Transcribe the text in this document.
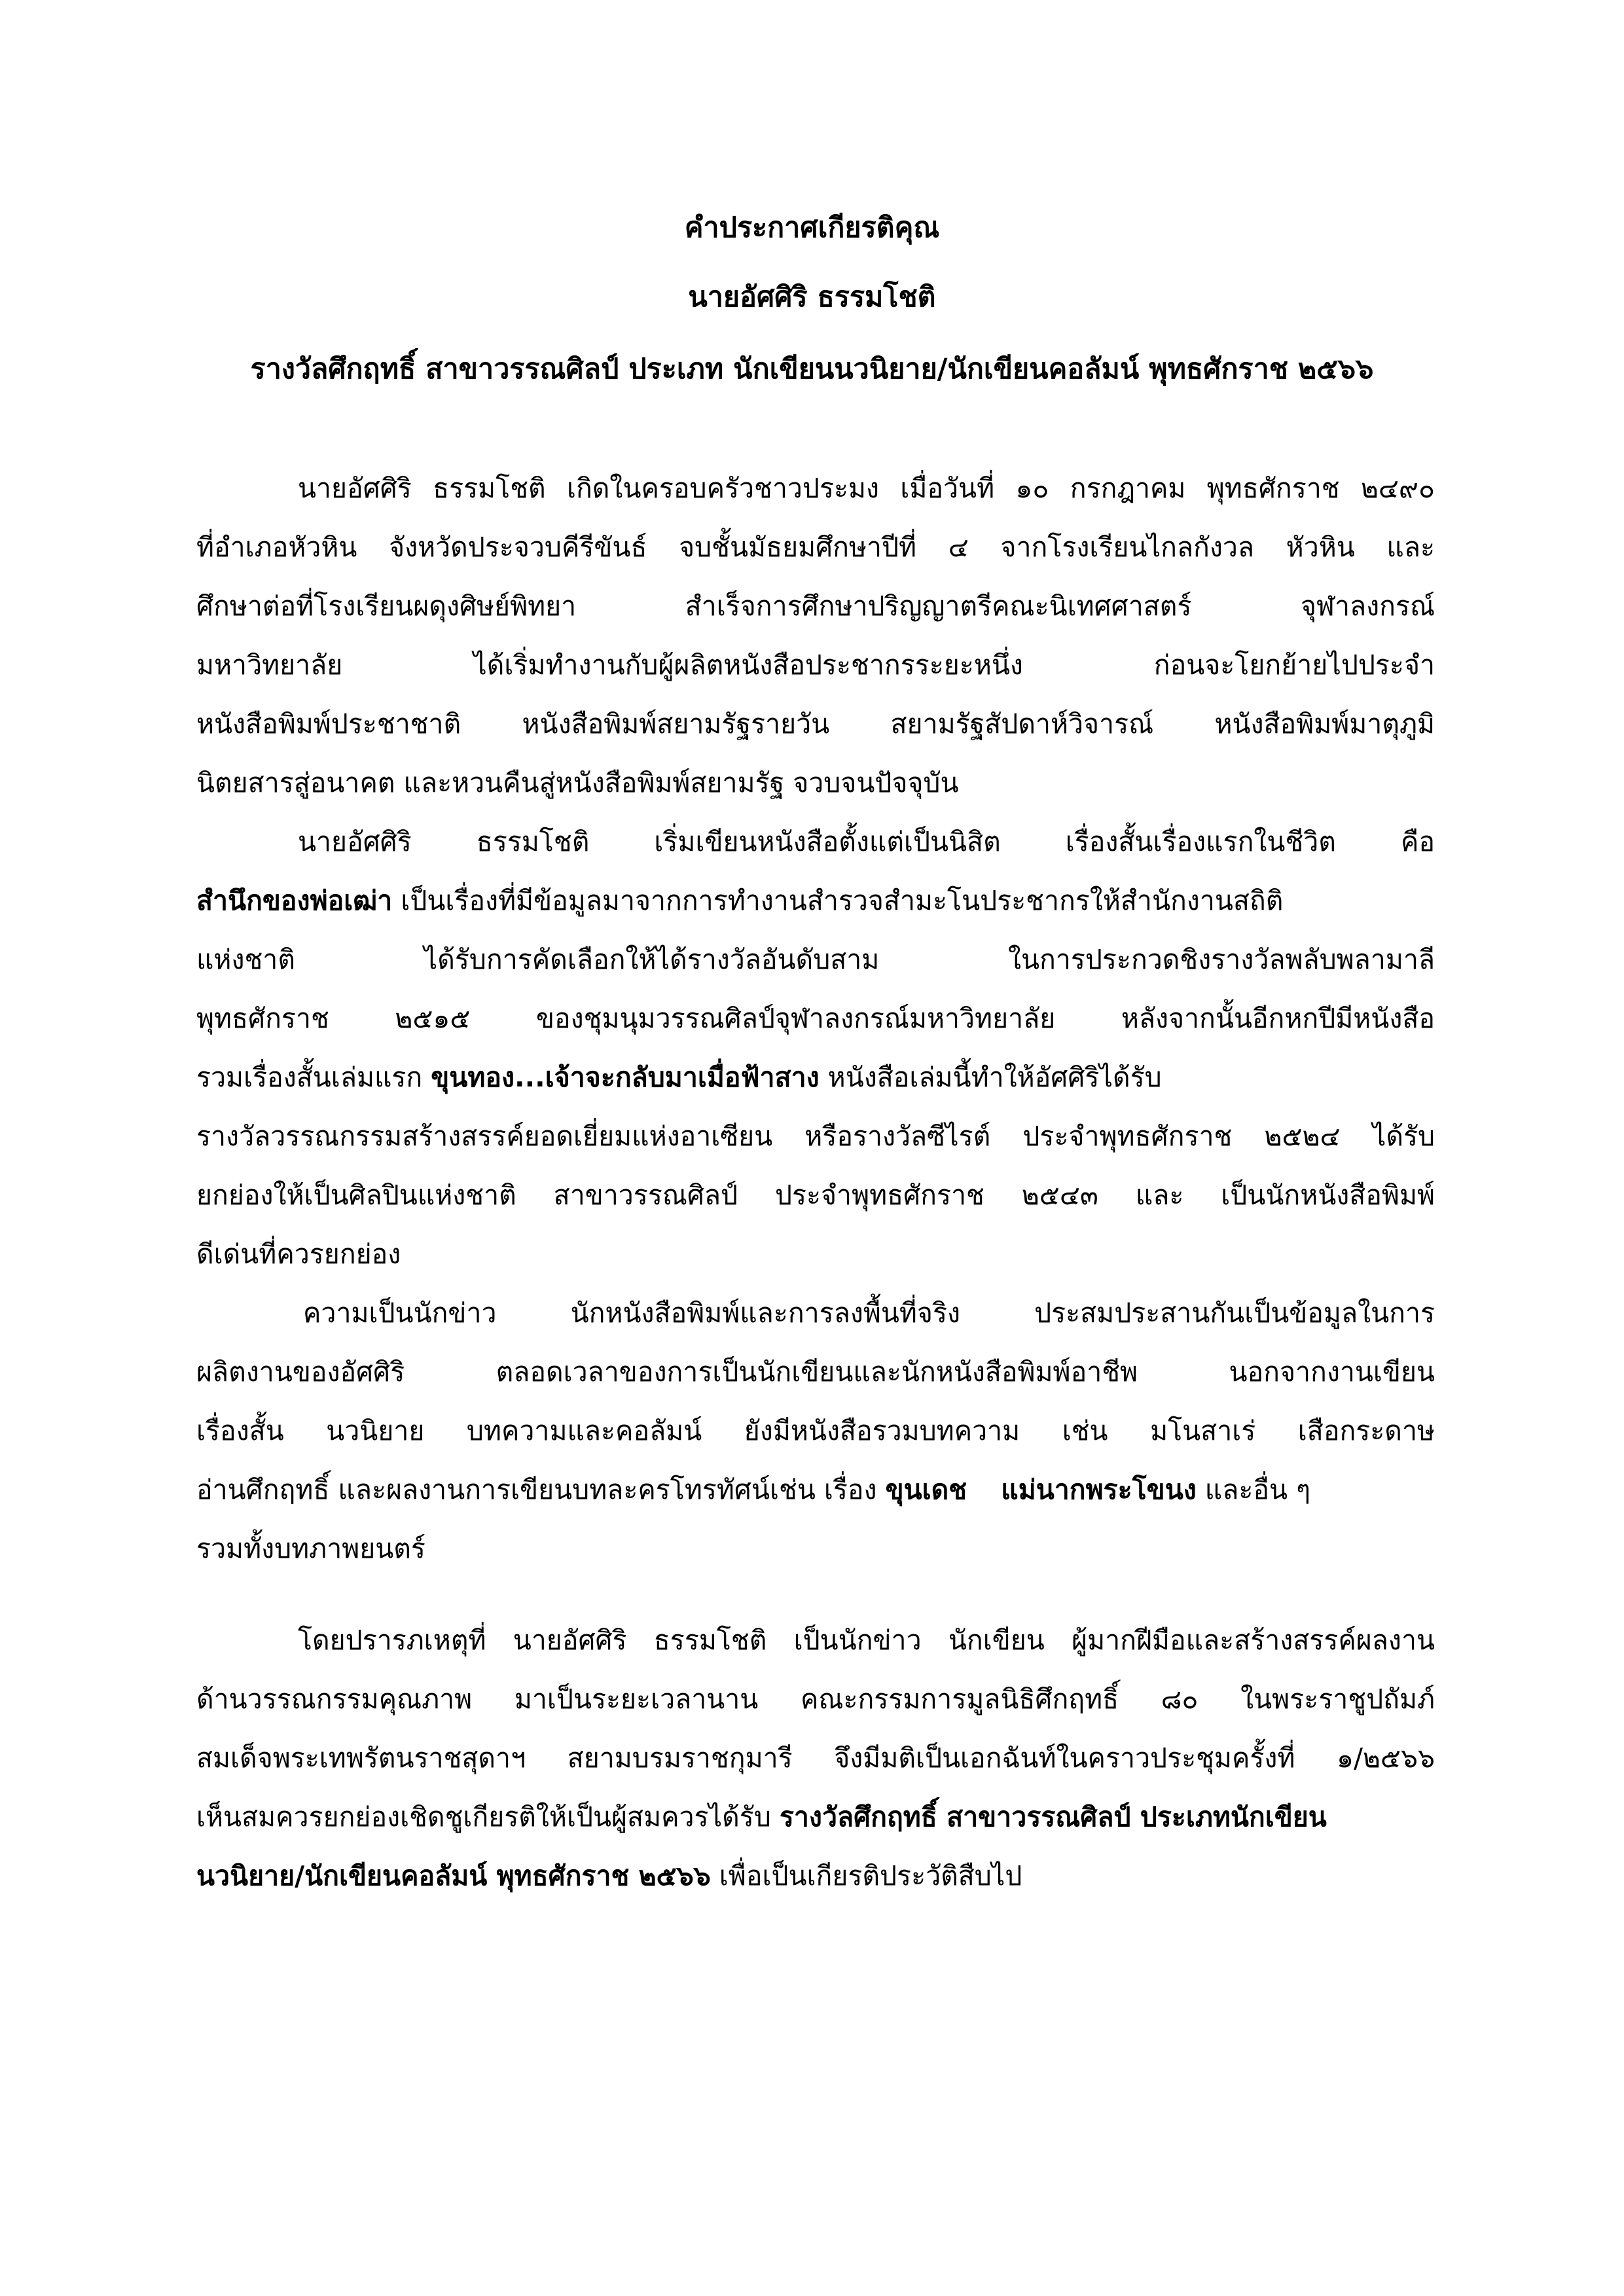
คำประกาศเกียรติคุณ
นายอัศศิริ ธรรมโชติ
รางวัลศึกฤทธิ์ สาขาวรรณศิลป์ ประเภท นักเขียนนวนิยาย/นักเขียนคอลัมน์ พุทธศักราช ๒๕๖๖
นายอัศศิริ ธรรมโชติ เกิดในครอบครัวชาวประมง เมื่อวันที่ ๑๐ กรกฎาคม พุทธศักราช ๒๔๙๐
ที่อำเภอหัวหิน จังหวัดประจวบคีรีขันธ์ จบชั้นมัธยมศึกษาปีที่ ๔ จากโรงเรียนไกลกังวล หัวหิน และ
ศึกษาต่อที่โรงเรียนผดุงศิษย์พิทยา สำเร็จการศึกษาปริญญาตรีคณะนิเทศศาสตร์ จุฬาลงกรณ์
มหาวิทยาลัย ได้เริ่มทำงานกับผู้ผลิตหนังสือประชากรระยะหนึ่ง ก่อนจะโยกย้ายไปประจำ
หนังสือพิมพ์ประชาชาติ หนังสือพิมพ์สยามรัฐรายวัน สยามรัฐสัปดาห์วิจารณ์ หนังสือพิมพ์มาตุภูมิ
นิตยสารสู่อนาคต และหวนคืนสู่หนังสือพิมพ์สยามรัฐ จวบจนปัจจุบัน
นายอัศศิริ ธรรมโชติ เริ่มเขียนหนังสือตั้งแต่เป็นนิสิต เรื่องสั้นเรื่องแรกในชีวิต คือ
สำนึกของพ่อเฒ่า เป็นเรื่องที่มีข้อมูลมาจากการทำงานสำรวจสำมะโนประชากรให้สำนักงานสถิติ
แห่งชาติ ได้รับการคัดเลือกให้ได้รางวัลอันดับสาม ในการประกวดชิงรางวัลพลับพลามาลี
พุทธศักราช ๒๕๑๕ ของชุมนุมวรรณศิลป์จุฬาลงกรณ์มหาวิทยาลัย หลังจากนั้นอีกหกปีมีหนังสือ
รวมเรื่องสั้นเล่มแรก ขุนทอง...เจ้าจะกลับมาเมื่อฟ้าสาง หนังสือเล่มนี้ทำให้อัศศิริได้รับ
รางวัลวรรณกรรมสร้างสรรค์ยอดเยี่ยมแห่งอาเซียน หรือรางวัลซีไรต์ ประจำพุทธศักราช ๒๕๒๔ ได้รับ
ยกย่องให้เป็นศิลปินแห่งชาติ สาขาวรรณศิลป์ ประจำพุทธศักราช ๒๕๔๓ และ เป็นนักหนังสือพิมพ์
ดีเด่นที่ควรยกย่อง
ความเป็นนักข่าว นักหนังสือพิมพ์และการลงพื้นที่จริง ประสมประสานกันเป็นข้อมูลในการ
ผลิตงานของอัศศิริ ตลอดเวลาของการเป็นนักเขียนและนักหนังสือพิมพ์อาชีพ นอกจากงานเขียน
เรื่องสั้น นวนิยาย บทความและคอลัมน์ ยังมีหนังสือรวมบทความ เช่น มโนสาเร่ เสือกระดาษ
อ่านศึกฤทธิ์ และผลงานการเขียนบทละครโทรทัศน์เช่น เรื่อง ขุนเดช แม่นากพระโขนง และอื่น ๆ
รวมทั้งบทภาพยนตร์
โดยปรารภเหตุที่ นายอัศศิริ ธรรมโชติ เป็นนักข่าว นักเขียน ผู้มากฝีมือและสร้างสรรค์ผลงาน
ด้านวรรณกรรมคุณภาพ มาเป็นระยะเวลานาน คณะกรรมการมูลนิธิศึกฤทธิ์ ๘๐ ในพระราชูปถัมภ์
สมเด็จพระเทพรัตนราชสุดาฯ สยามบรมราชกุมารี จึงมีมติเป็นเอกฉันท์ในคราวประชุมครั้งที่ ๑/๒๕๖๖
เห็นสมควรยกย่องเชิดชูเกียรติให้เป็นผู้สมควรได้รับ รางวัลศึกฤทธิ์ สาขาวรรณศิลป์ ประเภทนักเขียน
นวนิยาย/นักเขียนคอลัมน์ พุทธศักราช ๒๕๖๖ เพื่อเป็นเกียรติประวัติสืบไป
